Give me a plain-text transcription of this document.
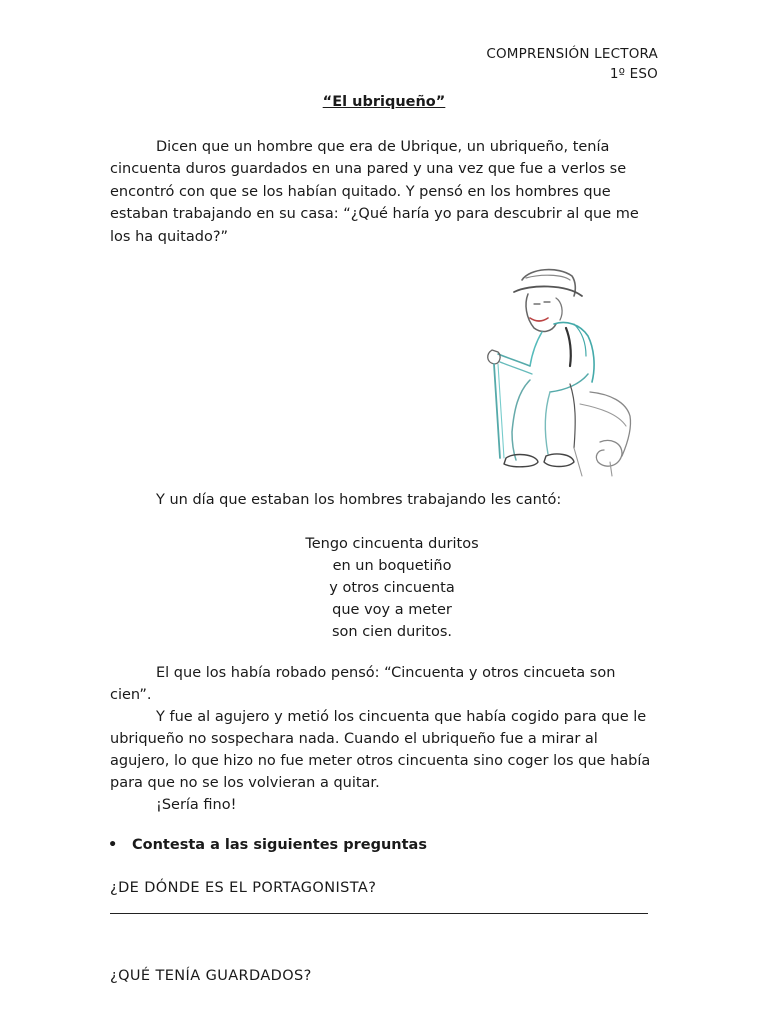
COMPRENSIÓN LECTORA
1º ESO
“El ubriqueño”
Dicen que un hombre que era de Ubrique, un ubriqueño, tenía cincuenta duros guardados en una pared y una vez que fue a verlos se encontró con que se los habían quitado. Y pensó en los hombres que estaban trabajando en su casa: “¿Qué haría yo para descubrir al que me los ha quitado?”
Y un día que estaban los hombres trabajando les cantó:
Tengo cincuenta duritos
en un boquetiño
y otros cincuenta
que voy a meter
son cien duritos.
El que los había robado pensó: “Cincuenta y otros cincueta son cien”.
Y fue al agujero y metió los cincuenta que había cogido para que le ubriqueño no sospechara nada. Cuando el ubriqueño fue a mirar al agujero, lo que hizo no fue meter otros cincuenta sino coger los que había para que no se los volvieran a quitar.
¡Sería fino!
• Contesta a las siguientes preguntas
¿DE DÓNDE ES EL PORTAGONISTA?
¿QUÉ TENÍA GUARDADOS?
